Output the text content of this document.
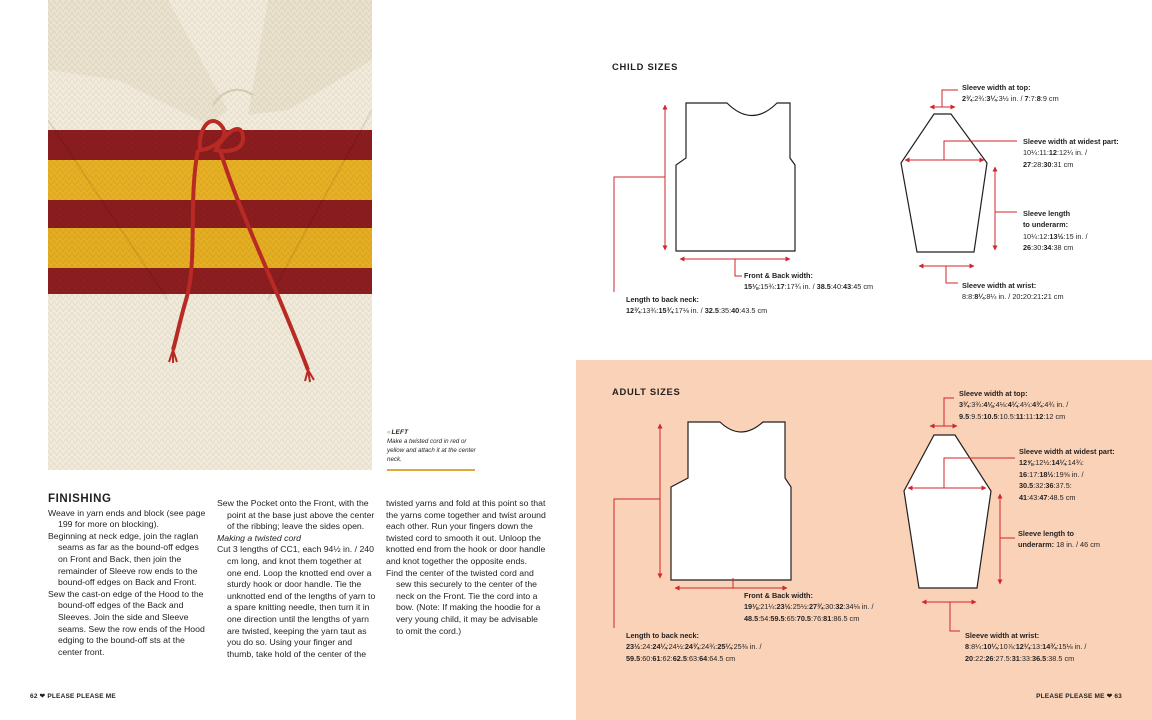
«LEFT
Make a twisted cord in red or yellow and attach it at the center neck.

FINISHING

Weave in yarn ends and block (see page 199 for more on blocking).

Beginning at neck edge, join the raglan seams as far as the bound-off edges on Front and Back, then join the remainder of Sleeve row ends to the bound-off edges on Back and Front.

Sew the cast-on edge of the Hood to the bound-off edges of the Back and Sleeves. Join the side and Sleeve seams. Sew the row ends of the Hood edging to the bound-off sts at the center front.

Sew the Pocket onto the Front, with the point at the base just above the center of the ribbing; leave the sides open.

Making a twisted cord

Cut 3 lengths of CC1, each 94½ in. / 240 cm long, and knot them together at one end. Loop the knotted end over a sturdy hook or door handle. Tie the unknotted end of the lengths of yarn to a spare knitting needle, then turn it in one direction until the lengths of yarn are twisted, keeping the yarn taut as you do so. Using your finger and thumb, take hold of the center of the

twisted yarns and fold at this point so that the yarns come together and twist around each other. Run your fingers down the twisted cord to smooth it out. Unloop the knotted end from the hook or door handle and knot together the opposite ends.

Find the center of the twisted cord and sew this securely to the center of the neck on the Front. Tie the cord into a bow. (Note: If making the hoodie for a very young child, it may be advisable to omit the cord.)

62 ❤ PLEASE PLEASE ME	PLEASE PLEASE ME ❤ 63
CHILD SIZES
Sleeve width at top:
2¾:2¾:3¼:3½ in. / 7:7:8:9 cm
Sleeve width at widest part:
10¼:11:12:12¼ in. /
27:28:30:31 cm
Sleeve length
to underarm:
10¼:12:13½:15 in. /
26:30:34:38 cm
Sleeve width at wrist:
8:8:8¼:8¼ in. / 20:20:21:21 cm
Front & Back width:
15⅛:15¾:17:17¾ in. / 38.5:40:43:45 cm
Length to back neck:
12¾:13¾:15¾:17⅛ in. / 32.5:35:40:43.5 cm
ADULT SIZES	Sleeve width at top:
3¾:3¾:4⅛:4⅛:4¼:4¼:4¾:4¾ in. /
9.5:9.5:10.5:10.5:11:11:12:12 cm
Sleeve width at widest part:
12⅝:12½:14¼:14¾:
16:17:18½:19⅝ in. /
30.5:32:36:37.5:
41:43:47:48.5 cm
Sleeve length to
underarm: 18 in. / 46 cm
Front & Back width:
19⅛:21¼:23½:25½:27¾:30:32:34⅛ in. /
48.5:54:59.5:65:70.5:76:81:86.5 cm
Length to back neck:
23½:24:24¼:24½:24¾:24¾:25¼:25⅜ in. /
59.5:60:61:62:62.5:63:64:64.5 cm
Sleeve width at wrist:
8:8¼:10¼:10⅞:12¼:13:14¾:15⅛ in. /
20:22:26:27.5:31:33:36.5:38.5 cm
